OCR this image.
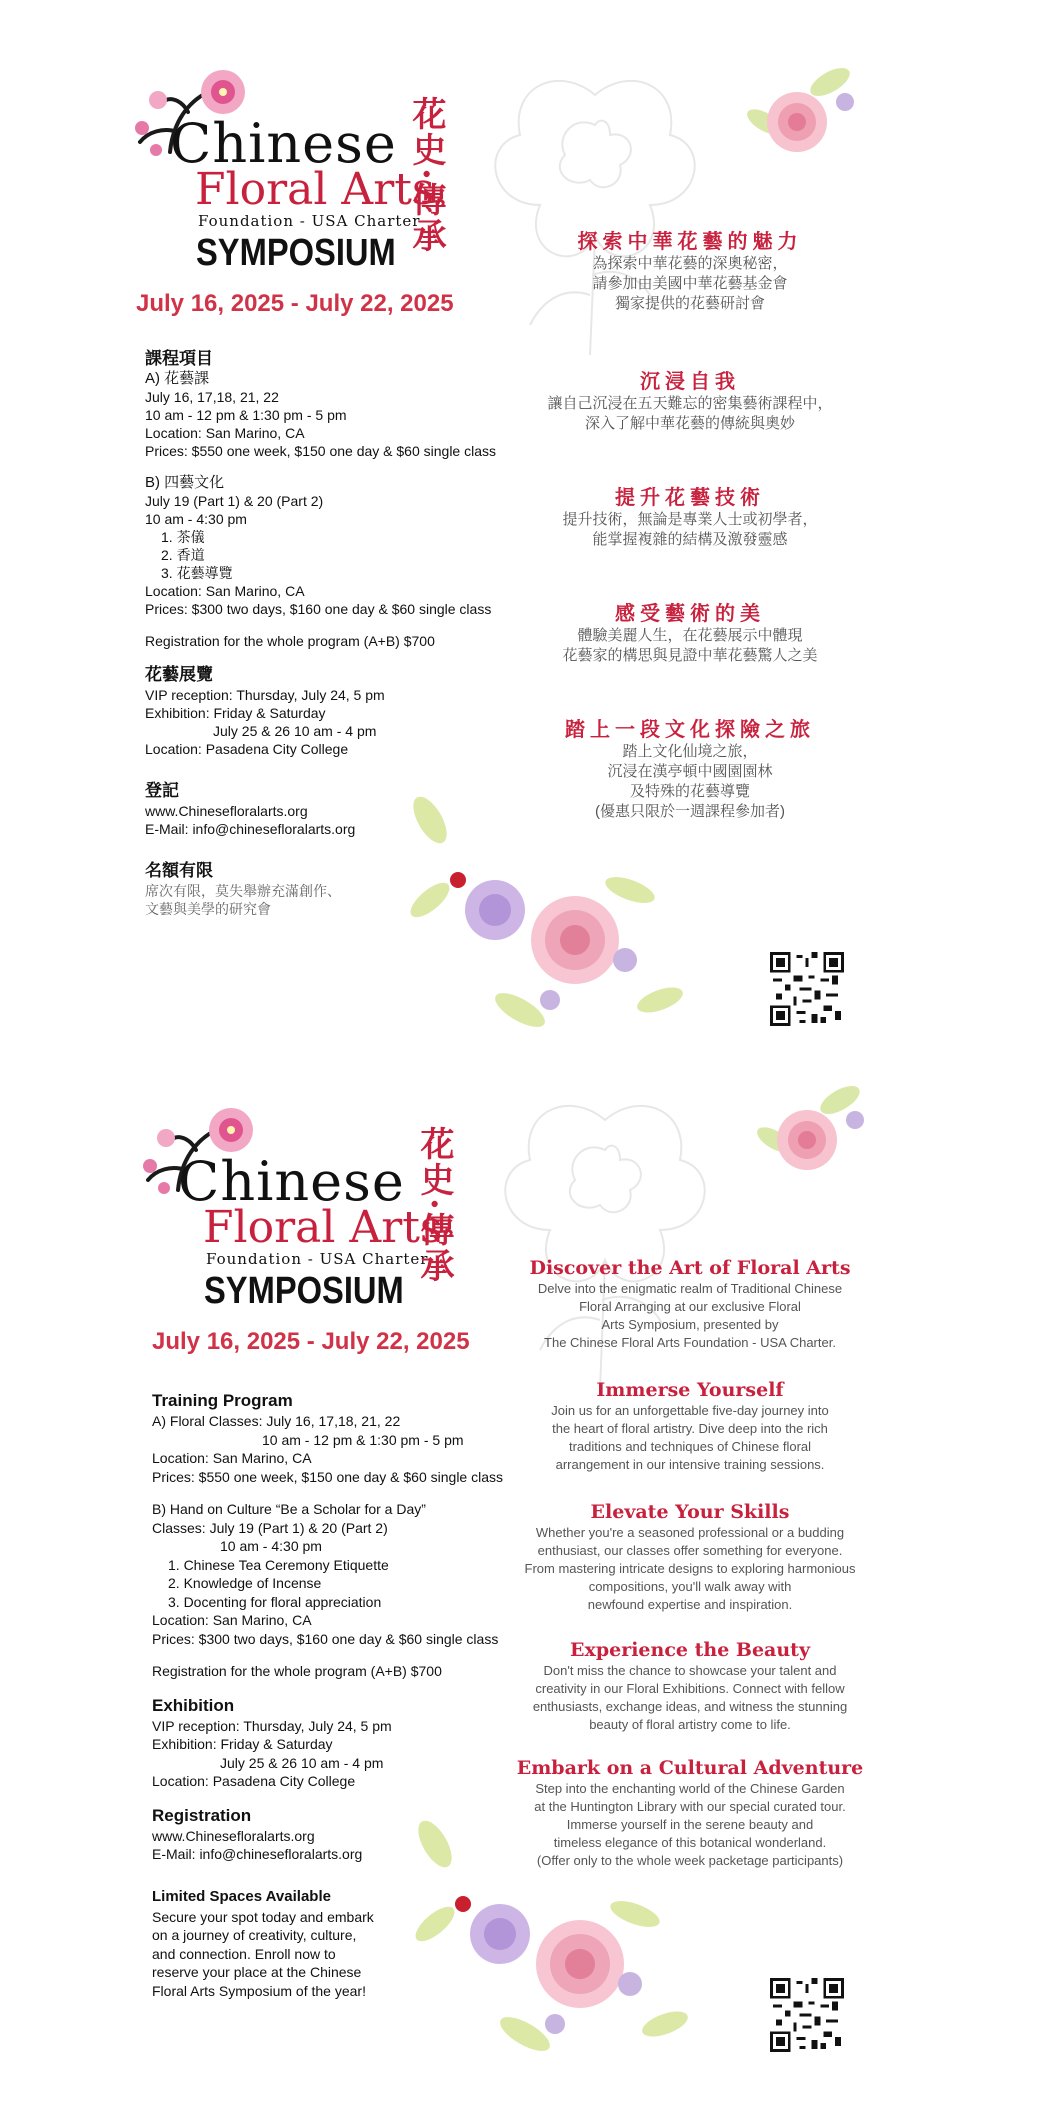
Chinese
Floral Arts
Foundation - USA Charter
SYMPOSIUM 花史·傳承
July 16, 2025 - July 22, 2025
課程項目
A) 花藝課
July 16, 17,18, 21, 22
10 am - 12 pm & 1:30 pm - 5 pm
Location: San Marino, CA
Prices: $550 one week, $150 one day & $60 single class
B) 四藝文化
July 19 (Part 1) & 20 (Part 2)
10 am - 4:30 pm
1. 茶儀
2. 香道
3. 花藝導覽
Location: San Marino, CA
Prices: $300 two days, $160 one day & $60 single class
Registration for the whole program (A+B) $700
花藝展覽
VIP reception: Thursday, July 24, 5 pm
Exhibition: Friday & Saturday
July 25 & 26 10 am - 4 pm
Location: Pasadena City College
登記
www.Chinesefloralarts.org
E-Mail: info@chinesefloralarts.org
名額有限
席次有限，莫失舉辦充滿創作、
文藝與美學的研究會
探索中華花藝的魅力
為探索中華花藝的深奧秘密，
請參加由美國中華花藝基金會
獨家提供的花藝研討會
沉浸自我
讓自己沉浸在五天難忘的密集藝術課程中，
深入了解中華花藝的傳統與奧妙
提升花藝技術
提升技術，無論是專業人士或初學者，
能掌握複雜的結構及激發靈感
感受藝術的美
體驗美麗人生，在花藝展示中體現
花藝家的構思與見證中華花藝驚人之美
踏上一段文化探險之旅
踏上文化仙境之旅，
沉浸在漢亭頓中國園園林
及特殊的花藝導覽
(優惠只限於一週課程參加者)
Chinese
Floral Arts
Foundation - USA Charter
SYMPOSIUM
花史·傳承
July 16, 2025 - July 22, 2025
Training Program
A) Floral Classes: July 16, 17,18, 21, 22
10 am - 12 pm & 1:30 pm - 5 pm
Location: San Marino, CA
Prices: $550 one week, $150 one day & $60 single class
B) Hand on Culture “Be a Scholar for a Day”
Classes: July 19 (Part 1) & 20 (Part 2)
10 am - 4:30 pm
1. Chinese Tea Ceremony Etiquette
2. Knowledge of Incense
3. Docenting for floral appreciation
Location: San Marino, CA
Prices: $300 two days, $160 one day & $60 single class
Registration for the whole program (A+B) $700
Exhibition
VIP reception: Thursday, July 24, 5 pm
Exhibition: Friday & Saturday
July 25 & 26 10 am - 4 pm
Location: Pasadena City College
Registration
www.Chinesefloralarts.org
E-Mail: info@chinesefloralarts.org
Limited Spaces Available
Secure your spot today and embark
on a journey of creativity, culture,
and connection. Enroll now to
reserve your place at the Chinese
Floral Arts Symposium of the year!
Discover the Art of Floral Arts
Delve into the enigmatic realm of Traditional Chinese
Floral Arranging at our exclusive Floral
Arts Symposium, presented by
The Chinese Floral Arts Foundation - USA Charter.
Immerse Yourself
Join us for an unforgettable five-day journey into
the heart of floral artistry. Dive deep into the rich
traditions and techniques of Chinese floral
arrangement in our intensive training sessions.
Elevate Your Skills
Whether you're a seasoned professional or a budding
enthusiast, our classes offer something for everyone.
From mastering intricate designs to exploring harmonious
compositions, you'll walk away with
newfound expertise and inspiration.
Experience the Beauty
Don't miss the chance to showcase your talent and
creativity in our Floral Exhibitions. Connect with fellow
enthusiasts, exchange ideas, and witness the stunning
beauty of floral artistry come to life.
Embark on a Cultural Adventure
Step into the enchanting world of the Chinese Garden
at the Huntington Library with our special curated tour.
Immerse yourself in the serene beauty and
timeless elegance of this botanical wonderland.
(Offer only to the whole week packetage participants)
